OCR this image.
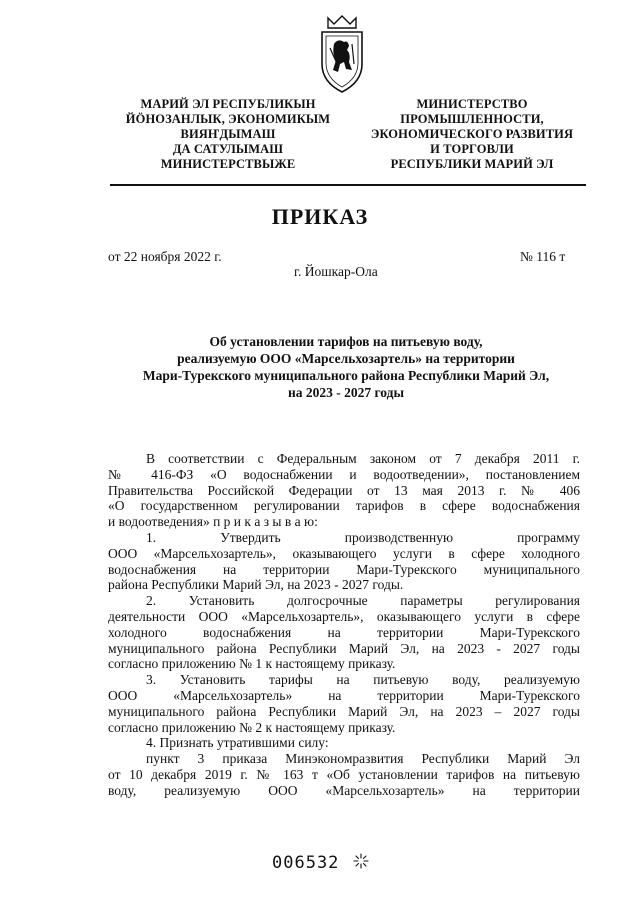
МАРИЙ ЭЛ РЕСПУБЛИКЫН
ЙӦНОЗАНЛЫК, ЭКОНОМИКЫМ
ВИЯҤДЫМАШ
ДА САТУЛЫМАШ
МИНИСТЕРСТВЫЖЕ
МИНИСТЕРСТВО
ПРОМЫШЛЕННОСТИ,
ЭКОНОМИЧЕСКОГО РАЗВИТИЯ
И ТОРГОВЛИ
РЕСПУБЛИКИ МАРИЙ ЭЛ
ПРИКАЗ
от 22 ноября 2022 г.	№ 116 т
г. Йошкар-Ола
Об установлении тарифов на питьевую воду,
реализуемую ООО «Марсельхозартель» на территории
Мари-Турекского муниципального района Республики Марий Эл,
на 2023 - 2027 годы
В соответствии с Федеральным законом от 7 декабря 2011 г.
№ 416-ФЗ «О водоснабжении и водоотведении», постановлением
Правительства Российской Федерации от 13 мая 2013 г. № 406
«О государственном регулировании тарифов в сфере водоснабжения
и водоотведения» п р и к а з ы в а ю:
1. Утвердить производственную программу
ООО «Марсельхозартель», оказывающего услуги в сфере холодного
водоснабжения на территории Мари-Турекского муниципального
района Республики Марий Эл, на 2023 - 2027 годы.
2. Установить долгосрочные параметры регулирования
деятельности ООО «Марсельхозартель», оказывающего услуги в сфере
холодного водоснабжения на территории Мари-Турекского
муниципального района Республики Марий Эл, на 2023 - 2027 годы
согласно приложению № 1 к настоящему приказу.
3. Установить тарифы на питьевую воду, реализуемую
ООО «Марсельхозартель» на территории Мари-Турекского
муниципального района Республики Марий Эл, на 2023 – 2027 годы
согласно приложению № 2 к настоящему приказу.
4. Признать утратившими силу:
пункт 3 приказа Минэкономразвития Республики Марий Эл
от 10 декабря 2019 г. № 163 т «Об установлении тарифов на питьевую
воду, реализуемую ООО «Марсельхозартель» на территории
006532
